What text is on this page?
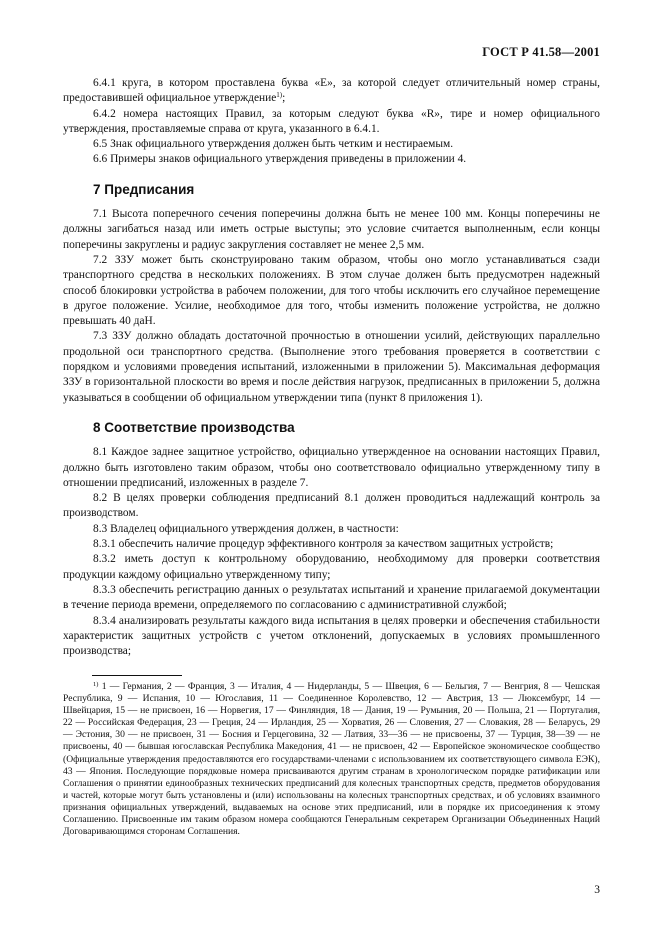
ГОСТ Р 41.58—2001

6.4.1 круга, в котором проставлена буква «Е», за которой следует отличительный номер страны, предоставившей официальное утверждение$^{1)}$;

6.4.2 номера настоящих Правил, за которым следуют буква «R», тире и номер официального утверждения, проставляемые справа от круга, указанного в 6.4.1.

6.5 Знак официального утверждения должен быть четким и нестираемым.

6.6 Примеры знаков официального утверждения приведены в приложении 4.

7 Предписания

7.1 Высота поперечного сечения поперечины должна быть не менее 100 мм. Концы поперечины не должны загибаться назад или иметь острые выступы; это условие считается выполненным, если концы поперечины закруглены и радиус закругления составляет не менее 2,5 мм.

7.2 ЗЗУ может быть сконструировано таким образом, чтобы оно могло устанавливаться сзади транспортного средства в нескольких положениях. В этом случае должен быть предусмотрен надежный способ блокировки устройства в рабочем положении, для того чтобы исключить его случайное перемещение в другое положение. Усилие, необходимое для того, чтобы изменить положение устройства, не должно превышать 40 даН.

7.3 ЗЗУ должно обладать достаточной прочностью в отношении усилий, действующих параллельно продольной оси транспортного средства. (Выполнение этого требования проверяется в соответствии с порядком и условиями проведения испытаний, изложенными в приложении 5). Максимальная деформация ЗЗУ в горизонтальной плоскости во время и после действия нагрузок, предписанных в приложении 5, должна указываться в сообщении об официальном утверждении типа (пункт 8 приложения 1).

8 Соответствие производства

8.1 Каждое заднее защитное устройство, официально утвержденное на основании настоящих Правил, должно быть изготовлено таким образом, чтобы оно соответствовало официально утвержденному типу в отношении предписаний, изложенных в разделе 7.

8.2 В целях проверки соблюдения предписаний 8.1 должен проводиться надлежащий контроль за производством.

8.3 Владелец официального утверждения должен, в частности:

8.3.1 обеспечить наличие процедур эффективного контроля за качеством защитных устройств;

8.3.2 иметь доступ к контрольному оборудованию, необходимому для проверки соответствия продукции каждому официально утвержденному типу;

8.3.3 обеспечить регистрацию данных о результатах испытаний и хранение прилагаемой документации в течение периода времени, определяемого по согласованию с административной службой;

8.3.4 анализировать результаты каждого вида испытания в целях проверки и обеспечения стабильности характеристик защитных устройств с учетом отклонений, допускаемых в условиях промышленного производства;

$^{1)}$ 1 — Германия, 2 — Франция, 3 — Италия, 4 — Нидерланды, 5 — Швеция, 6 — Бельгия, 7 — Венгрия, 8 — Чешская Республика, 9 — Испания, 10 — Югославия, 11 — Соединенное Королевство, 12 — Австрия, 13 — Люксембург, 14 — Швейцария, 15 — не присвоен, 16 — Норвегия, 17 — Финляндия, 18 — Дания, 19 — Румыния, 20 — Польша, 21 — Португалия, 22 — Российская Федерация, 23 — Греция, 24 — Ирландия, 25 — Хорватия, 26 — Словения, 27 — Словакия, 28 — Беларусь, 29 — Эстония, 30 — не присвоен, 31 — Босния и Герцеговина, 32 — Латвия, 33—36 — не присвоены, 37 — Турция, 38—39 — не присвоены, 40 — бывшая югославская Республика Македония, 41 — не присвоен, 42 — Европейское экономическое сообщество (Официальные утверждения предоставляются его государствами-членами с использованием их соответствующего символа ЕЭК), 43 — Япония. Последующие порядковые номера присваиваются другим странам в хронологическом порядке ратификации или Соглашения о принятии единообразных технических предписаний для колесных транспортных средств, предметов оборудования и частей, которые могут быть установлены и (или) использованы на колесных транспортных средствах, и об условиях взаимного признания официальных утверждений, выдаваемых на основе этих предписаний, или в порядке их присоединения к этому Соглашению. Присвоенные им таким образом номера сообщаются Генеральным секретарем Организации Объединенных Наций Договаривающимся сторонам Соглашения.
3
